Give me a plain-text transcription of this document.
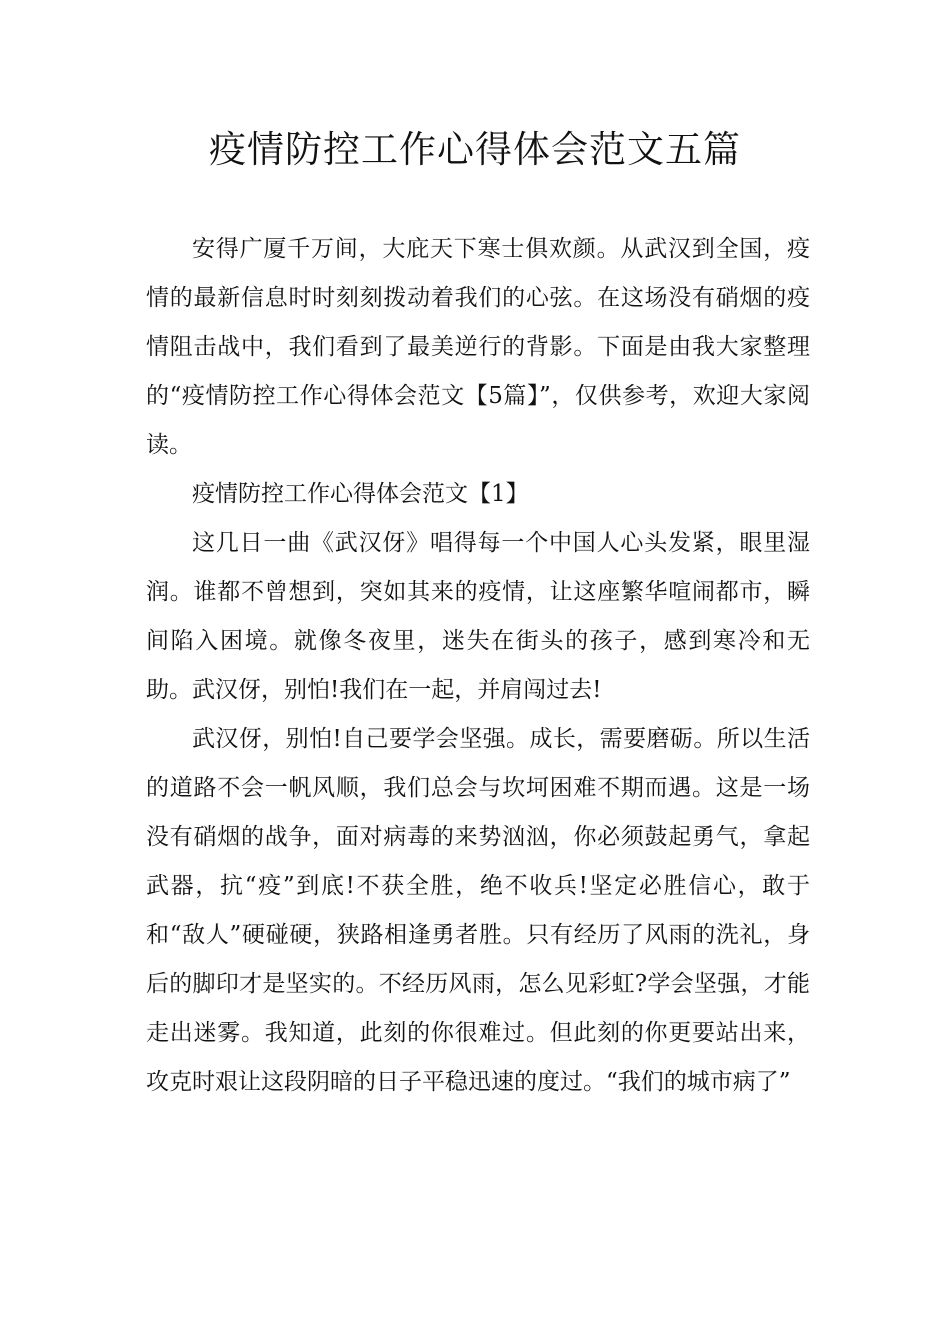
疫情防控工作心得体会范文五篇

安得广厦千万间，大庇天下寒士俱欢颜。从武汉到全国，疫情的最新信息时时刻刻拨动着我们的心弦。在这场没有硝烟的疫情阻击战中，我们看到了最美逆行的背影。下面是由我大家整理的“疫情防控工作心得体会范文【5篇】”，仅供参考，欢迎大家阅读。

疫情防控工作心得体会范文【1】

这几日一曲《武汉伢》唱得每一个中国人心头发紧，眼里湿润。谁都不曾想到，突如其来的疫情，让这座繁华喧闹都市，瞬间陷入困境。就像冬夜里，迷失在街头的孩子，感到寒冷和无助。武汉伢，别怕!我们在一起，并肩闯过去!

武汉伢，别怕!自己要学会坚强。成长，需要磨砺。所以生活的道路不会一帆风顺，我们总会与坎坷困难不期而遇。这是一场没有硝烟的战争，面对病毒的来势汹汹，你必须鼓起勇气，拿起武器，抗“疫”到底!不获全胜，绝不收兵!坚定必胜信心，敢于和“敌人”硬碰硬，狭路相逢勇者胜。只有经历了风雨的洗礼，身后的脚印才是坚实的。不经历风雨，怎么见彩虹?学会坚强，才能走出迷雾。我知道，此刻的你很难过。但此刻的你更要站出来，攻克时艰让这段阴暗的日子平稳迅速的度过。“我们的城市病了”
